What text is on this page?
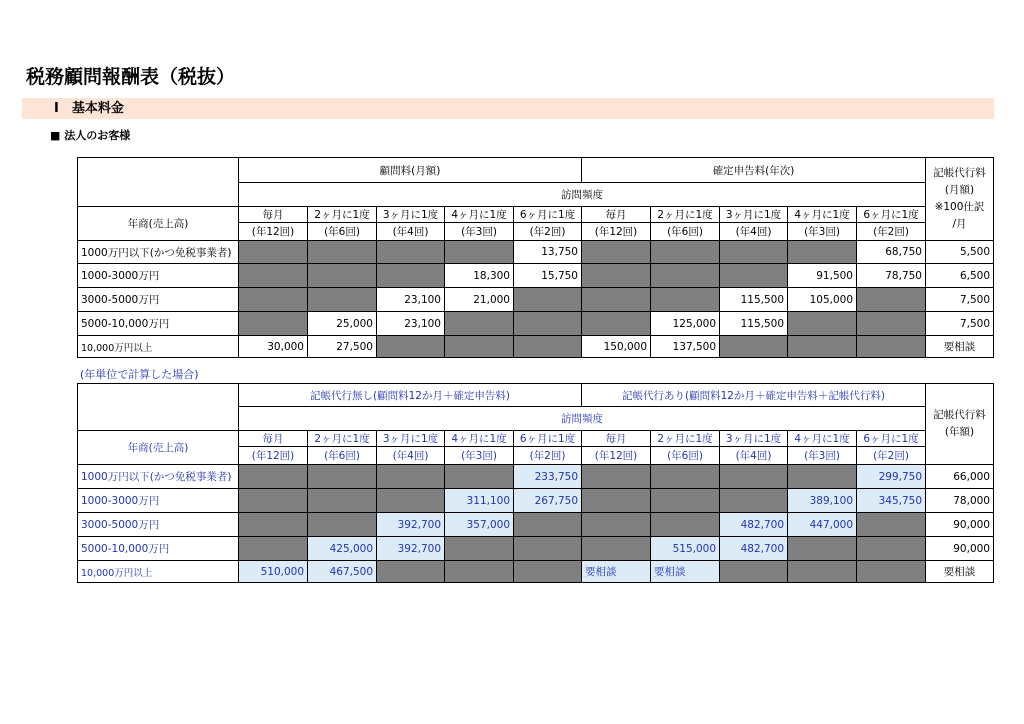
税務顧問報酬表（税抜）
Ⅰ　基本料金
■ 法人のお客様
	顧問料(月額)					確定申告料(年次)					記帳代行料
(月額)
※100仕訳
/月
	訪問頻度										
年商(売上高)	毎月	2ヶ月に1度	3ヶ月に1度	4ヶ月に1度	6ヶ月に1度	毎月	2ヶ月に1度	3ヶ月に1度	4ヶ月に1度	6ヶ月に1度	
	(年12回)	(年6回)	(年4回)	(年3回)	(年2回)	(年12回)	(年6回)	(年4回)	(年3回)	(年2回)	
1000万円以下(かつ免税事業者)					13,750					68,750	5,500
1000-3000万円				18,300	15,750				91,500	78,750	6,500
3000-5000万円			23,100	21,000				115,500	105,000		7,500
5000-10,000万円		25,000	23,100				125,000	115,500			7,500
10,000万円以上	30,000	27,500				150,000	137,500				要相談
(年単位で計算した場合)
	記帳代行無し(顧問料12か月＋確定申告料)					記帳代行あり(顧問料12か月＋確定申告料＋記帳代行料)					記帳代行料
(年額)
	訪問頻度										
年商(売上高)	毎月	2ヶ月に1度	3ヶ月に1度	4ヶ月に1度	6ヶ月に1度	毎月	2ヶ月に1度	3ヶ月に1度	4ヶ月に1度	6ヶ月に1度	
	(年12回)	(年6回)	(年4回)	(年3回)	(年2回)	(年12回)	(年6回)	(年4回)	(年3回)	(年2回)	
1000万円以下(かつ免税事業者)					233,750					299,750	66,000
1000-3000万円				311,100	267,750				389,100	345,750	78,000
3000-5000万円			392,700	357,000				482,700	447,000		90,000
5000-10,000万円		425,000	392,700				515,000	482,700			90,000
10,000万円以上	510,000	467,500				要相談	要相談				要相談
